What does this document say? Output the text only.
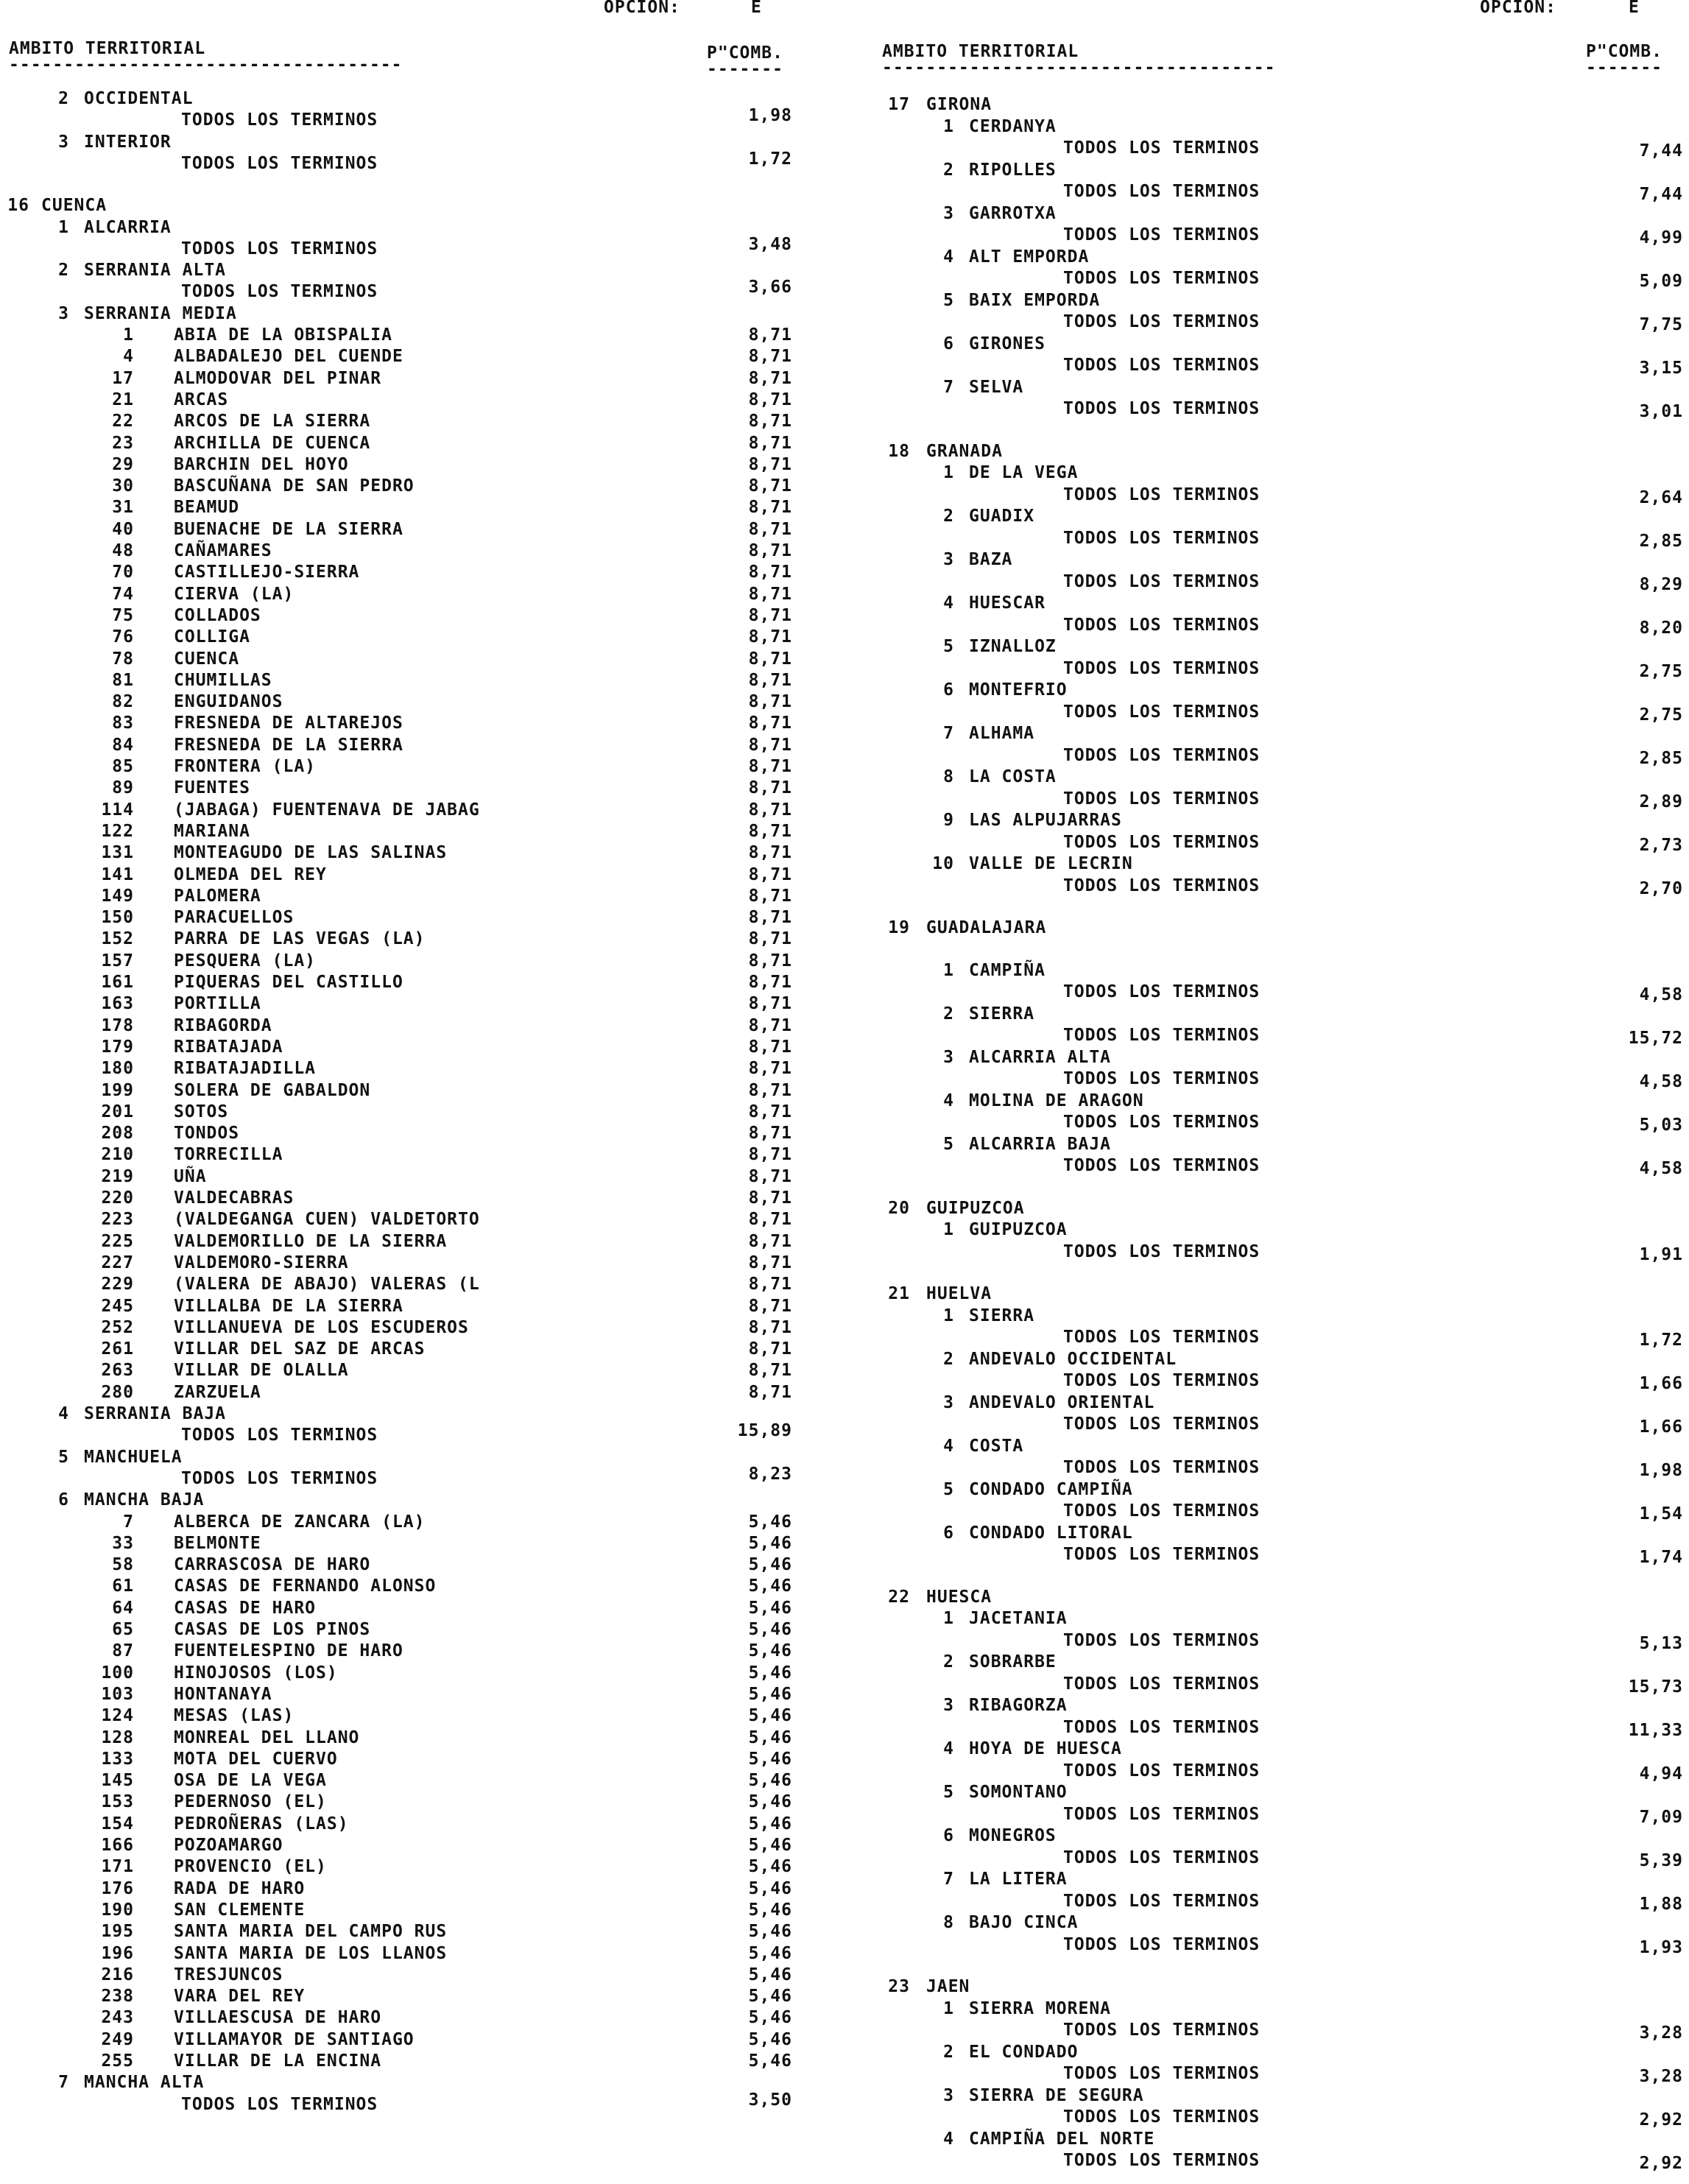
OPCION:	E	OPCION:	E
AMBITO TERRITORIAL	P"COMB.
------------------------------------	-------
AMBITO TERRITORIAL	P"COMB.
------------------------------------	-------
2 OCCIDENTAL
TODOS LOS TERMINOS	1,98
3 INTERIOR
TODOS LOS TERMINOS	1,72
16 CUENCA
1 ALCARRIA
TODOS LOS TERMINOS	3,48
2 SERRANIA ALTA
TODOS LOS TERMINOS	3,66
3 SERRANIA MEDIA
1 ABIA DE LA OBISPALIA	8,71
4 ALBADALEJO DEL CUENDE	8,71
17 ALMODOVAR DEL PINAR	8,71
21 ARCAS	8,71
22 ARCOS DE LA SIERRA	8,71
23 ARCHILLA DE CUENCA	8,71
29 BARCHIN DEL HOYO	8,71
30 BASCUÑANA DE SAN PEDRO	8,71
31 BEAMUD	8,71
40 BUENACHE DE LA SIERRA	8,71
48 CAÑAMARES	8,71
70 CASTILLEJO-SIERRA	8,71
74 CIERVA (LA)	8,71
75 COLLADOS	8,71
76 COLLIGA	8,71
78 CUENCA	8,71
81 CHUMILLAS	8,71
82 ENGUIDANOS	8,71
83 FRESNEDA DE ALTAREJOS	8,71
84 FRESNEDA DE LA SIERRA	8,71
85 FRONTERA (LA)	8,71
89 FUENTES	8,71
114 (JABAGA) FUENTENAVA DE JABAG	8,71
122 MARIANA	8,71
131 MONTEAGUDO DE LAS SALINAS	8,71
141 OLMEDA DEL REY	8,71
149 PALOMERA	8,71
150 PARACUELLOS	8,71
152 PARRA DE LAS VEGAS (LA)	8,71
157 PESQUERA (LA)	8,71
161 PIQUERAS DEL CASTILLO	8,71
163 PORTILLA	8,71
178 RIBAGORDA	8,71
179 RIBATAJADA	8,71
180 RIBATAJADILLA	8,71
199 SOLERA DE GABALDON	8,71
201 SOTOS	8,71
208 TONDOS	8,71
210 TORRECILLA	8,71
219 UÑA	8,71
220 VALDECABRAS	8,71
223 (VALDEGANGA CUEN) VALDETORTO	8,71
225 VALDEMORILLO DE LA SIERRA	8,71
227 VALDEMORO-SIERRA	8,71
229 (VALERA DE ABAJO) VALERAS (L	8,71
245 VILLALBA DE LA SIERRA	8,71
252 VILLANUEVA DE LOS ESCUDEROS	8,71
261 VILLAR DEL SAZ DE ARCAS	8,71
263 VILLAR DE OLALLA	8,71
280 ZARZUELA	8,71
4 SERRANIA BAJA
TODOS LOS TERMINOS	15,89
5 MANCHUELA
TODOS LOS TERMINOS	8,23
6 MANCHA BAJA
7 ALBERCA DE ZANCARA (LA)	5,46
33 BELMONTE	5,46
58 CARRASCOSA DE HARO	5,46
61 CASAS DE FERNANDO ALONSO	5,46
64 CASAS DE HARO	5,46
65 CASAS DE LOS PINOS	5,46
87 FUENTELESPINO DE HARO	5,46
100 HINOJOSOS (LOS)	5,46
103 HONTANAYA	5,46
124 MESAS (LAS)	5,46
128 MONREAL DEL LLANO	5,46
133 MOTA DEL CUERVO	5,46
145 OSA DE LA VEGA	5,46
153 PEDERNOSO (EL)	5,46
154 PEDROÑERAS (LAS)	5,46
166 POZOAMARGO	5,46
171 PROVENCIO (EL)	5,46
176 RADA DE HARO	5,46
190 SAN CLEMENTE	5,46
195 SANTA MARIA DEL CAMPO RUS	5,46
196 SANTA MARIA DE LOS LLANOS	5,46
216 TRESJUNCOS	5,46
238 VARA DEL REY	5,46
243 VILLAESCUSA DE HARO	5,46
249 VILLAMAYOR DE SANTIAGO	5,46
255 VILLAR DE LA ENCINA	5,46
7 MANCHA ALTA
TODOS LOS TERMINOS	3,50
17 GIRONA
1 CERDANYA
TODOS LOS TERMINOS	7,44
2 RIPOLLES
TODOS LOS TERMINOS	7,44
3 GARROTXA
TODOS LOS TERMINOS	4,99
4 ALT EMPORDA
TODOS LOS TERMINOS	5,09
5 BAIX EMPORDA
TODOS LOS TERMINOS	7,75
6 GIRONES
TODOS LOS TERMINOS	3,15
7 SELVA
TODOS LOS TERMINOS	3,01
18 GRANADA
1 DE LA VEGA
TODOS LOS TERMINOS	2,64
2 GUADIX
TODOS LOS TERMINOS	2,85
3 BAZA
TODOS LOS TERMINOS	8,29
4 HUESCAR
TODOS LOS TERMINOS	8,20
5 IZNALLOZ
TODOS LOS TERMINOS	2,75
6 MONTEFRIO
TODOS LOS TERMINOS	2,75
7 ALHAMA
TODOS LOS TERMINOS	2,85
8 LA COSTA
TODOS LOS TERMINOS	2,89
9 LAS ALPUJARRAS
TODOS LOS TERMINOS	2,73
10 VALLE DE LECRIN
TODOS LOS TERMINOS	2,70
19 GUADALAJARA
1 CAMPIÑA
TODOS LOS TERMINOS	4,58
2 SIERRA
TODOS LOS TERMINOS	15,72
3 ALCARRIA ALTA
TODOS LOS TERMINOS	4,58
4 MOLINA DE ARAGON
TODOS LOS TERMINOS	5,03
5 ALCARRIA BAJA
TODOS LOS TERMINOS	4,58
20 GUIPUZCOA
1 GUIPUZCOA
TODOS LOS TERMINOS	1,91
21 HUELVA
1 SIERRA
TODOS LOS TERMINOS	1,72
2 ANDEVALO OCCIDENTAL
TODOS LOS TERMINOS	1,66
3 ANDEVALO ORIENTAL
TODOS LOS TERMINOS	1,66
4 COSTA
TODOS LOS TERMINOS	1,98
5 CONDADO CAMPIÑA
TODOS LOS TERMINOS	1,54
6 CONDADO LITORAL
TODOS LOS TERMINOS	1,74
22 HUESCA
1 JACETANIA
TODOS LOS TERMINOS	5,13
2 SOBRARBE
TODOS LOS TERMINOS	15,73
3 RIBAGORZA
TODOS LOS TERMINOS	11,33
4 HOYA DE HUESCA
TODOS LOS TERMINOS	4,94
5 SOMONTANO
TODOS LOS TERMINOS	7,09
6 MONEGROS
TODOS LOS TERMINOS	5,39
7 LA LITERA
TODOS LOS TERMINOS	1,88
8 BAJO CINCA
TODOS LOS TERMINOS	1,93
23 JAEN
1 SIERRA MORENA
TODOS LOS TERMINOS	3,28
2 EL CONDADO
TODOS LOS TERMINOS	3,28
3 SIERRA DE SEGURA
TODOS LOS TERMINOS	2,92
4 CAMPIÑA DEL NORTE
TODOS LOS TERMINOS	2,92
